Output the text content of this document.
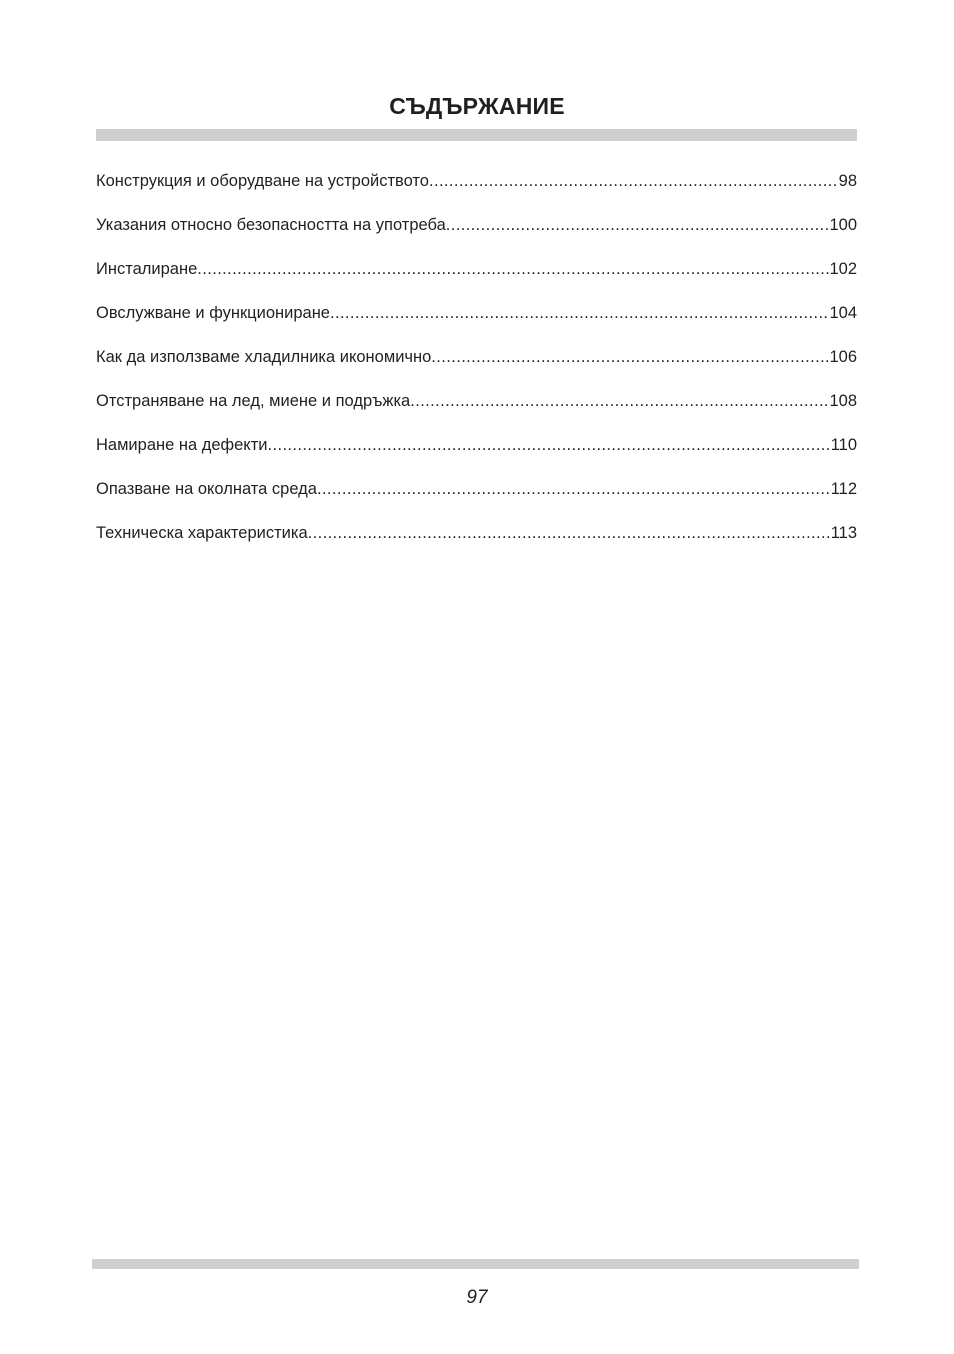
СЪДЪРЖАНИЕ
Конструкция и оборудване на устройството .....	98
Указания относно безопасността на употреба .....	100
Инсталиране .....	102
Овслужване и функциониране .....	104
Как да използваме хладилника икономично .....	106
Отстраняване на лед, миене и подръжка .....	108
Намиране на дефекти .....	110
Опазване на околната среда .....	112
Техническа характеристика .....	113
97
